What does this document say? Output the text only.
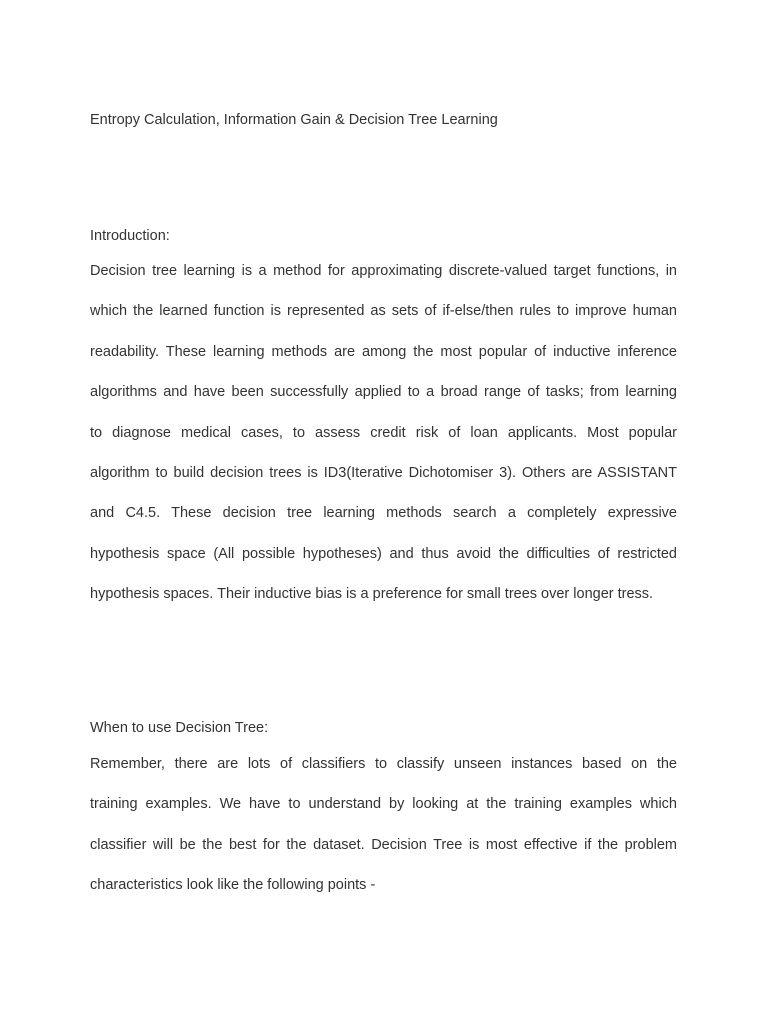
Entropy Calculation, Information Gain & Decision Tree Learning
Introduction:
Decision tree learning is a method for approximating discrete-valued target functions, in
which the learned function is represented as sets of if-else/then rules to improve human
readability. These learning methods are among the most popular of inductive inference
algorithms and have been successfully applied to a broad range of tasks; from learning
to diagnose medical cases, to assess credit risk of loan applicants. Most popular
algorithm to build decision trees is ID3(Iterative Dichotomiser 3). Others are ASSISTANT
and C4.5. These decision tree learning methods search a completely expressive
hypothesis space (All possible hypotheses) and thus avoid the difficulties of restricted
hypothesis spaces. Their inductive bias is a preference for small trees over longer tress.
When to use Decision Tree:
Remember, there are lots of classifiers to classify unseen instances based on the
training examples. We have to understand by looking at the training examples which
classifier will be the best for the dataset. Decision Tree is most effective if the problem
characteristics look like the following points -
